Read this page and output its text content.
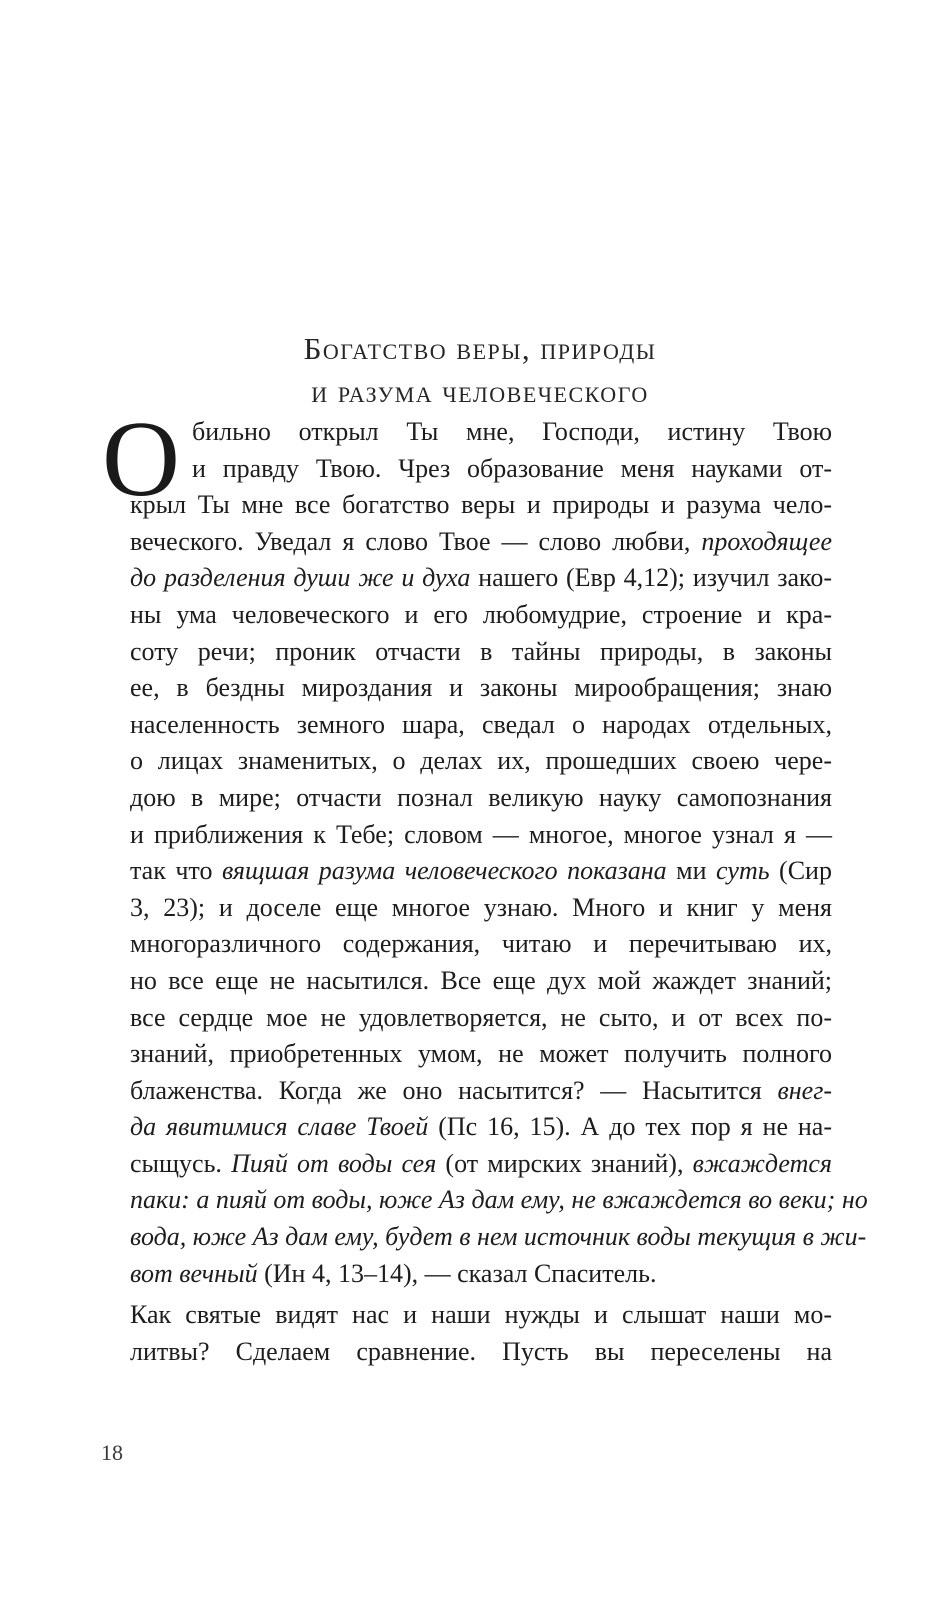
Богатство веры, природы
и разума человеческого
О бильно открыл Ты мне, Господи, истину Твою
и правду Твою. Чрез образование меня науками от-
крыл Ты мне все богатство веры и природы и разума чело-
веческого. Уведал я слово Твое — слово любви, проходящее
до разделения души же и духа нашего (Евр 4,12); изучил зако-
ны ума человеческого и его любомудрие, строение и кра-
соту речи; проник отчасти в тайны природы, в законы
ее, в бездны мироздания и законы мирообращения; знаю
населенность земного шара, сведал о народах отдельных,
о лицах знаменитых, о делах их, прошедших своею чере-
дою в мире; отчасти познал великую науку самопознания
и приближения к Тебе; словом — многое, многое узнал я —
так что вящшая разума человеческого показана ми суть (Сир
3, 23); и доселе еще многое узнаю. Много и книг у меня
многоразличного содержания, читаю и перечитываю их,
но все еще не насытился. Все еще дух мой жаждет знаний;
все сердце мое не удовлетворяется, не сыто, и от всех по-
знаний, приобретенных умом, не может получить полного
блаженства. Когда же оно насытится? — Насытится внег-
да явитимися славе Твоей (Пс 16, 15). А до тех пор я не на-
сыщусь. Пияй от воды сея (от мирских знаний), вжаждется
паки: а пияй от воды, юже Аз дам ему, не вжаждется во веки; но
вода, юже Аз дам ему, будет в нем источник воды текущия в жи-
вот вечный (Ин 4, 13–14), — сказал Спаситель.
Как святые видят нас и наши нужды и слышат наши мо-
литвы? Сделаем сравнение. Пусть вы переселены на
18
